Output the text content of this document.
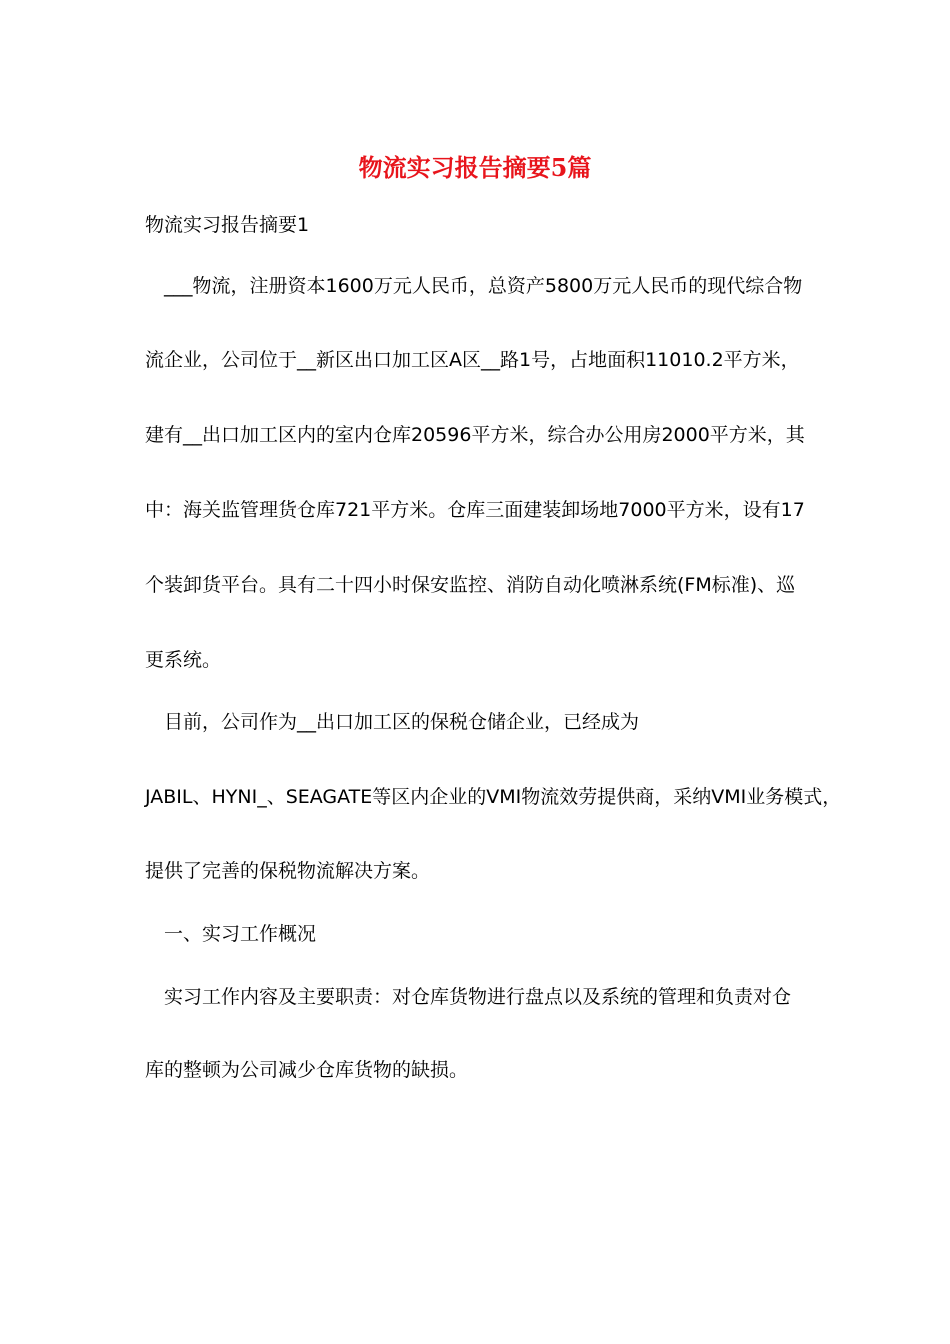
物流实习报告摘要5篇
物流实习报告摘要1
___物流，注册资本1600万元人民币，总资产5800万元人民币的现代综合物
流企业，公司位于__新区出口加工区A区__路1号，占地面积11010.2平方米，
建有__出口加工区内的室内仓库20596平方米，综合办公用房2000平方米，其
中：海关监管理货仓库721平方米。仓库三面建装卸场地7000平方米，设有17
个装卸货平台。具有二十四小时保安监控、消防自动化喷淋系统(FM标准)、巡
更系统。
目前，公司作为__出口加工区的保税仓储企业，已经成为
JABIL、HYNI_、SEAGATE等区内企业的VMI物流效劳提供商，采纳VMI业务模式，
提供了完善的保税物流解决方案。
一、实习工作概况
实习工作内容及主要职责：对仓库货物进行盘点以及系统的管理和负责对仓
库的整顿为公司减少仓库货物的缺损。
